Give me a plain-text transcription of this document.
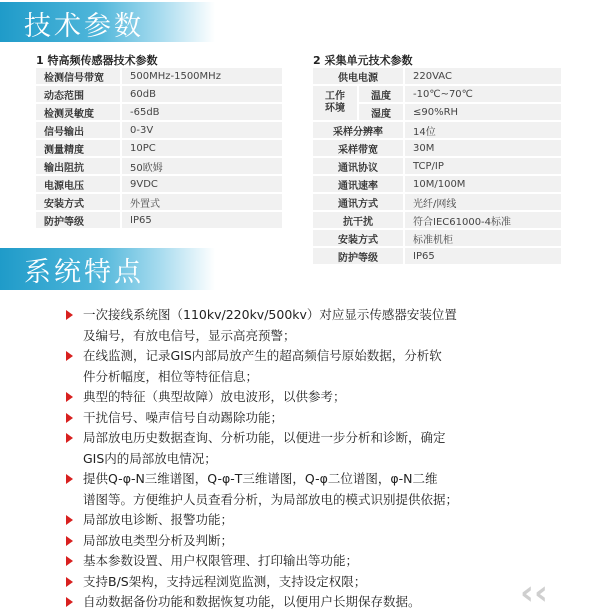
技术参数
1 特高频传感器技术参数
检测信号带宽	500MHz-1500MHz
动态范围	60dB
检测灵敏度	-65dB
信号输出	0-3V
测量精度	10PC
输出阻抗	50欧姆
电源电压	9VDC
安装方式	外置式
防护等级	IP65
2 采集单元技术参数
供电电源		220VAC
工作环境	温度	-10℃~70℃
	湿度	≤90%RH
采样分辨率		14位
采样带宽		30M
通讯协议		TCP/IP
通讯速率		10M/100M
通讯方式		光纤/网线
抗干扰		符合IEC61000-4标准
安装方式		标准机柜
防护等级		IP65
系统特点
一次接线系统图（110kv/220kv/500kv）对应显示传感器安装位置
及编号，有放电信号，显示高亮预警；
在线监测，记录GIS内部局放产生的超高频信号原始数据，分析软
件分析幅度，相位等特征信息；
典型的特征（典型故障）放电波形，以供参考；
干扰信号、噪声信号自动踢除功能；
局部放电历史数据查询、分析功能，以便进一步分析和诊断，确定
GIS内的局部放电情况；
提供Q-φ-N三维谱图，Q-φ-T三维谱图，Q-φ二位谱图，φ-N二维
谱图等。方便维护人员查看分析，为局部放电的模式识别提供依据；
局部放电诊断、报警功能；
局部放电类型分析及判断；
基本参数设置、用户权限管理、打印输出等功能；
支持B/S架构，支持远程浏览监测，支持设定权限；
自动数据备份功能和数据恢复功能，以便用户长期保存数据。	‹‹
